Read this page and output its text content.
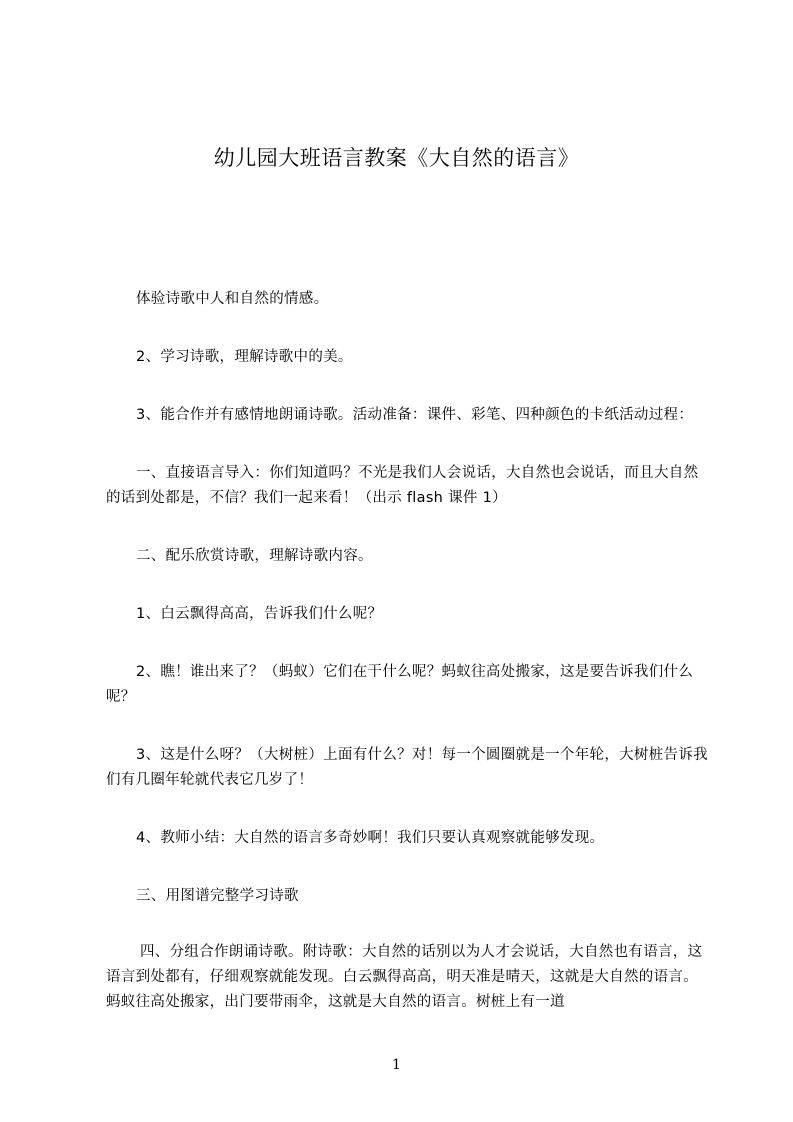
幼儿园大班语言教案《大自然的语言》

体验诗歌中人和自然的情感。

2、学习诗歌，理解诗歌中的美。

3、能合作并有感情地朗诵诗歌。活动准备：课件、彩笔、四种颜色的卡纸活动过程：

一、直接语言导入：你们知道吗？不光是我们人会说话，大自然也会说话，而且大自然的话到处都是，不信？我们一起来看！（出示 flash 课件 1）

二、配乐欣赏诗歌，理解诗歌内容。

1、白云飘得高高，告诉我们什么呢？

2、瞧！谁出来了？（蚂蚁）它们在干什么呢？蚂蚁往高处搬家，这是要告诉我们什么呢？

3、这是什么呀？（大树桩）上面有什么？对！每一个圆圈就是一个年轮，大树桩告诉我们有几圈年轮就代表它几岁了！

4、教师小结：大自然的语言多奇妙啊！我们只要认真观察就能够发现。

三、用图谱完整学习诗歌

四、分组合作朗诵诗歌。附诗歌：大自然的话别以为人才会说话，大自然也有语言，这语言到处都有，仔细观察就能发现。白云飘得高高，明天准是晴天，这就是大自然的语言。蚂蚁往高处搬家，出门要带雨伞，这就是大自然的语言。树桩上有一道

1
